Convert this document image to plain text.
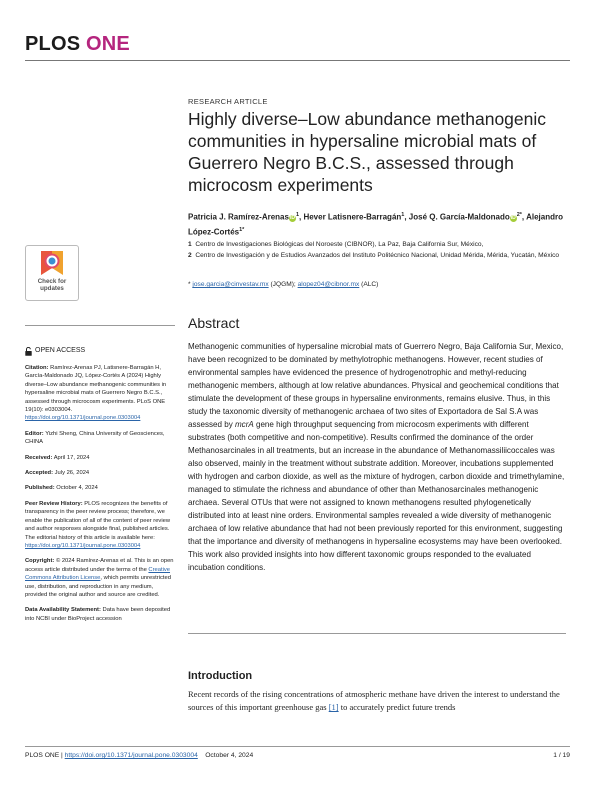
PLOS ONE
Check for
updates
RESEARCH ARTICLE
Highly diverse–Low abundance methanogenic communities in hypersaline microbial mats of Guerrero Negro B.C.S., assessed through microcosm experiments
Patricia J. Ramírez-ArenasiD$^1$, Hever Latisnere-Barragán$^1$, José Q. García-MaldonadoiD$^{2*}$, Alejandro López-Cortés$^{1*}$
1 Centro de Investigaciones Biológicas del Noroeste (CIBNOR), La Paz, Baja California Sur, México,
2 Centro de Investigación y de Estudios Avanzados del Instituto Politécnico Nacional, Unidad Mérida, Mérida, Yucatán, México
* jose.garcia@cinvestav.mx (JQGM); alopez04@cibnor.mx (ALC)
OPEN ACCESS
Citation: Ramírez-Arenas PJ, Latisnere-Barragán H, García-Maldonado JQ, López-Cortés A (2024) Highly diverse–Low abundance methanogenic communities in hypersaline microbial mats of Guerrero Negro B.C.S., assessed through microcosm experiments. PLoS ONE 19(10): e0303004. https://doi.org/10.1371/journal.pone.0303004
Editor: Yizhi Sheng, China University of Geosciences, CHINA
Received: April 17, 2024
Accepted: July 26, 2024
Published: October 4, 2024
Peer Review History: PLOS recognizes the benefits of transparency in the peer review process; therefore, we enable the publication of all of the content of peer review and author responses alongside final, published articles. The editorial history of this article is available here: https://doi.org/10.1371/journal.pone.0303004
Copyright: © 2024 Ramírez-Arenas et al. This is an open access article distributed under the terms of the Creative Commons Attribution License, which permits unrestricted use, distribution, and reproduction in any medium, provided the original author and source are credited.
Data Availability Statement: Data have been deposited into NCBI under BioProject accession
Abstract
Methanogenic communities of hypersaline microbial mats of Guerrero Negro, Baja California Sur, Mexico, have been recognized to be dominated by methylotrophic methanogens. However, recent studies of environmental samples have evidenced the presence of hydrogenotrophic and methyl-reducing methanogenic members, although at low relative abundances. Physical and geochemical conditions that stimulate the development of these groups in hypersaline environments, remains elusive. Thus, in this study the taxonomic diversity of methanogenic archaea of two sites of Exportadora de Sal S.A was assessed by mcrA gene high throughput sequencing from microcosm experiments with different substrates (both competitive and non-competitive). Results confirmed the dominance of the order Methanosarcinales in all treatments, but an increase in the abundance of Methanomassiliicoccales was also observed, mainly in the treatment without substrate addition. Moreover, incubations supplemented with hydrogen and carbon dioxide, as well as the mixture of hydrogen, carbon dioxide and trimethylamine, managed to stimulate the richness and abundance of other than Methanosarcinales methanogenic archaea. Several OTUs that were not assigned to known methanogens resulted phylogenetically distributed into at least nine orders. Environmental samples revealed a wide diversity of methanogenic archaea of low relative abundance that had not been previously reported for this environment, suggesting that the importance and diversity of methanogens in hypersaline ecosystems may have been overlooked. This work also provided insights into how different taxonomic groups responded to the evaluated incubation conditions.
Introduction
Recent records of the rising concentrations of atmospheric methane have driven the interest to understand the sources of this important greenhouse gas [1] to accurately predict future trends
PLOS ONE | https://doi.org/10.1371/journal.pone.0303004 October 4, 2024	1 / 19
